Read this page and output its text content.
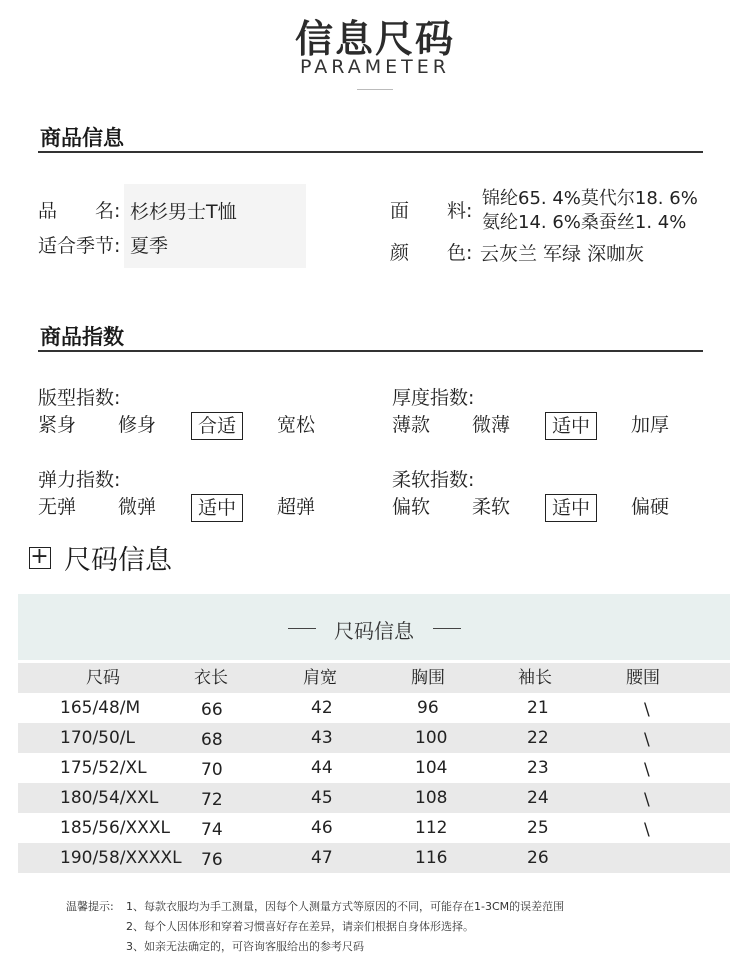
信息尺码
PARAMETER
商品信息
品　　名: 杉杉男士T恤
适合季节: 夏季
面　　料:
锦纶65. 4%莫代尔18. 6%
氨纶14. 6%桑蚕丝1. 4%
颜　　色: 云灰兰 军绿 深咖灰
商品指数
版型指数:
紧身	修身	合适	宽松
厚度指数:
薄款	微薄	适中	加厚
弹力指数:
无弹	微弹	适中	超弹
柔软指数:
偏软	柔软	适中	偏硬
+ 尺码信息
尺码信息
尺码	衣长	肩宽	胸围	袖长	腰围
165/48/M	66	42	96	21	\
170/50/L	68	43	100	22	\
175/52/XL	70	44	104	23	\
180/54/XXL	72	45	108	24	\
185/56/XXXL 74	46	112	25	\
190/58/XXXXL 76	47	116	26
温馨提示: 1、每款衣服均为手工测量，因每个人测量方式等原因的不同，可能存在1-3CM的误差范围
2、每个人因体形和穿着习惯喜好存在差异，请亲们根据自身体形选择。
3、如亲无法确定的，可咨询客服给出的参考尺码
